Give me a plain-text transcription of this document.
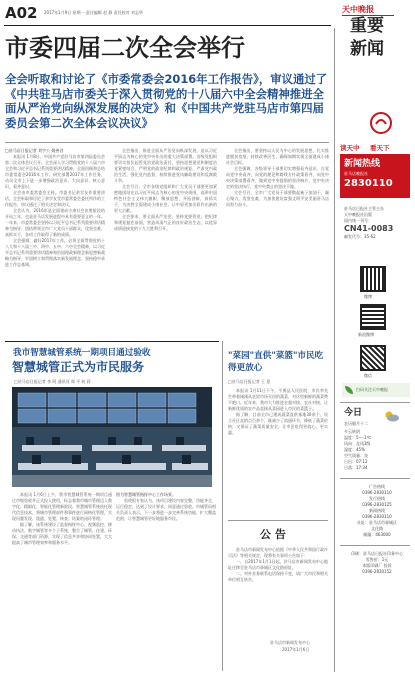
A02 2017年1月9日 星期一 责任编辑 赵 静 责任校对 刘志华	天中晚报
重要
新闻
市委四届二次全会举行
全会听取和讨论了《市委常委会2016年工作报告》，审议通过了《中共驻马店市委关于深入贯彻党的十八届六中全会精神推进全面从严治党向纵深发展的决定》和《中国共产党驻马店市第四届委员会第二次全体会议决议》

□驻马店日报记者 刘宇公 姚善君

本报讯 1月8日，中国共产党驻马店市第四届委员会第二次全体会议召开。全会深入学习贯彻党的十八届六中全会和习近平总书记系列重要讲话精神，全面回顾和总结市委常委会2016年工作，研究部署2017年工作任务，动员全市上下进一步增强政治意识、大局意识、核心意识、看齐意识。

全会由市委常委会主持。市委书记余学友作重要讲话。全会听取和讨论了余学友受市委常委会委托所作的工作报告，审议通过了相关决定和决议。

全会认为，2016年是全面建成小康社会决胜阶段的开局之年，也是驻马店发展进程中具有重要意义的一年。一年来，市委常委会坚持以习近平总书记系列重要讲话精神为指导，团结带领全市广大党员干部群众，攻坚克难，真抓实干，各项工作取得了新的成绩。

全会强调，做好2017年工作，必须全面贯彻党的十八大和十八届三中、四中、五中、六中全会精神，以习近平总书记系列重要讲话精神和治国理政新理念新思想新战略为指导，牢固树立和贯彻落实新发展理念，坚持稳中求进工作总基调。

全会指出，推进全面从严治党向纵深发展，是以习近平同志为核心的党中央作出的重大决策部署。各级党组织要切实担负起管党治党政治责任，坚持思想建党和制度治党紧密结合，严明党的政治纪律和政治规矩，严肃党内政治生活，强化党内监督，持续推进党风廉政建设和反腐败斗争。

全会号召，全市各级党组织和广大党员干部要更加紧密地团结在以习近平同志为核心的党中央周围，高举中国特色社会主义伟大旗帜，解放思想，开拓创新，真抓实干，为决胜全面建成小康社会、让中原更加出彩作出新的更大贡献。

全会要求，要全面从严治党，坚持党要管党，把纪律和规矩挺在前面，营造风清气正的良好政治生态，以优异成绩迎接党的十九大胜利召开。

全会指出，要坚持以人民为中心的发展思想，扎实推进脱贫攻坚，持续改善民生，确保如期实现全面建成小康社会目标。

全会强调，各级领导干部要切实增强看齐意识，自觉向党中央看齐，向党的理论和路线方针政策看齐，向党中央决策部署看齐，做到党中央提倡的坚决响应、党中央决定的坚决执行、党中央禁止的坚决不做。

全会号召，全市广大党员干部要撸起袖子加油干，凝心聚力，攻坚克难，为加快建设富强文明平安美丽驻马店而努力奋斗。

我市智慧城管系统一期项目通过验收
智慧城管正式为市民服务
□驻马店日报记者 李 明 通讯员 郑 平 何 莉

本报讯 1月6日上午，我市智慧城管系统一期项目通过市级验收并正式投入使用，标志着我市城市管理迈入数字化、精细化、智能化管理新阶段。智慧城管系统依托现代信息技术，将城市管理部件和事件进行网格化管理，实现问题发现、派遣、处置、核查、结案的闭环管理。

据了解，该系统建设了监督指挥中心、视频监控、移动执法、数字城管等多个子系统，整合了城管、住建、环保、交通等部门资源，实现了信息共享和协同处置，大大提高了城市管理效率和服务水平。

图为智慧城管指挥中心工作场景。

验收组专家认为，该项目建设内容完整，功能齐全，运行稳定，达到了设计要求，同意通过验收。市城管局相关负责人表示，下一步将进一步完善系统功能，扩大覆盖范围，让智慧城管更好地服务市民。

"菜园"直供"菜篮"市民吃得更放心
□驻马店日报记者 王 思

本报讯 1月11日下午，平舆县人民医院，市民李先生带着刚刚从农贸市场买回的蔬菜，对这里新鲜的蔬菜赞不绝口。近年来，我市大力推进农超对接、农社对接，让新鲜优质的农产品直接从菜园进入市民的菜篮子。

据了解，目前全市已建成蔬菜直供基地30余个，设立社区直销点百余个，既减少了流通环节，降低了蔬菜价格，又保证了蔬菜质量安全，让市民吃得更放心、更实惠。

公 告

驻马店市新闻发布中心依据《中华人民共和国行政许可法》等相关规定，现将有关事项公告如下：

一、自2017年1月1日起，驻马店市新闻发布中心地址迁移至驻马店市驿城区文化路原址。

二、对外业务联系电话保持不变，请广大市民和相关单位相互转告。

驻马店市新闻发布中心
2017年1月6日
读天中 看天下
新闻热线
驻马店晚报社
2830110
驻马店日报社主管主办
天中晚报社出版
国内统一刊号：
CN41-0083
邮发代号：35-62
微博
新浪微博
微信
扫码关注天中晚报
今日
农历腊月十二
多云转阴
温度：5～-3℃
风向：北风3级
湿度：45%
空气质量：良
日出：07:12
日落：17:34
广告热线
0396-2830110
发行热线
0396-2830125
新闻热线
0396-2830110
社址：驻马店市驿城区
文化路
邮编：463000
印刷：驻马店日报社印务中心
零售价：1元
本版印刷厂 投诉
0396-2830152
